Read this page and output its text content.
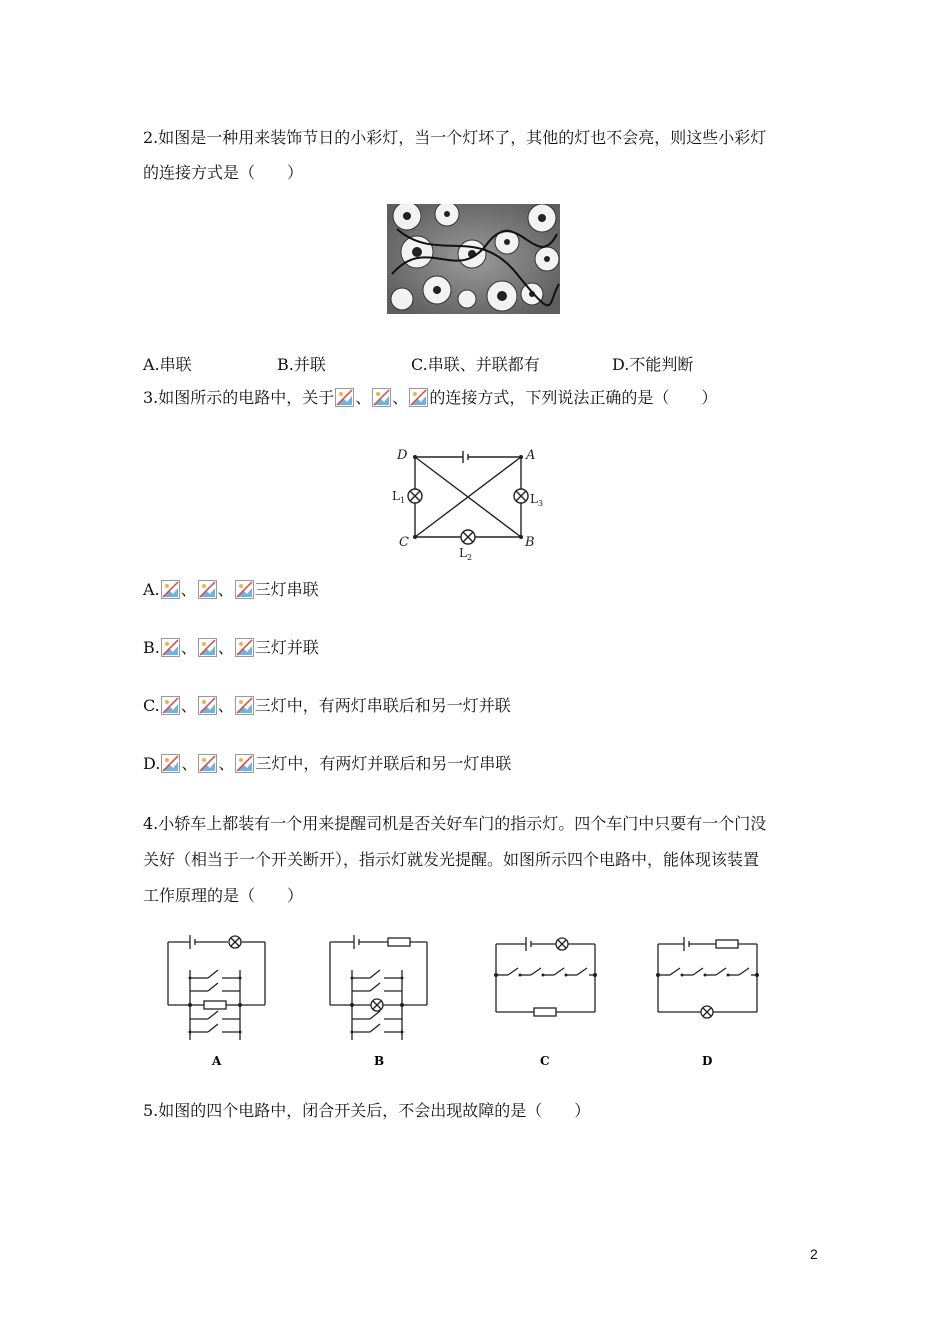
2.如图是一种用来装饰节日的小彩灯，当一个灯坏了，其他的灯也不会亮，则这些小彩灯
的连接方式是（　　）
A.串联	B.并联	C.串联、并联都有	D.不能判断
3.如图所示的电路中，关于 、 、 的连接方式，下列说法正确的是（　　）
D	A
C	B
L 1	L 3
L 2
A. 、 、 三灯串联
B. 、 、 三灯并联
C. 、 、 三灯中，有两灯串联后和另一灯并联
D. 、 、 三灯中，有两灯并联后和另一灯串联
4.小轿车上都装有一个用来提醒司机是否关好车门的指示灯。四个车门中只要有一个门没
关好（相当于一个开关断开），指示灯就发光提醒。如图所示四个电路中，能体现该装置
工作原理的是（　　）
A	B	C	D
5.如图的四个电路中，闭合开关后，不会出现故障的是（　　）
2
